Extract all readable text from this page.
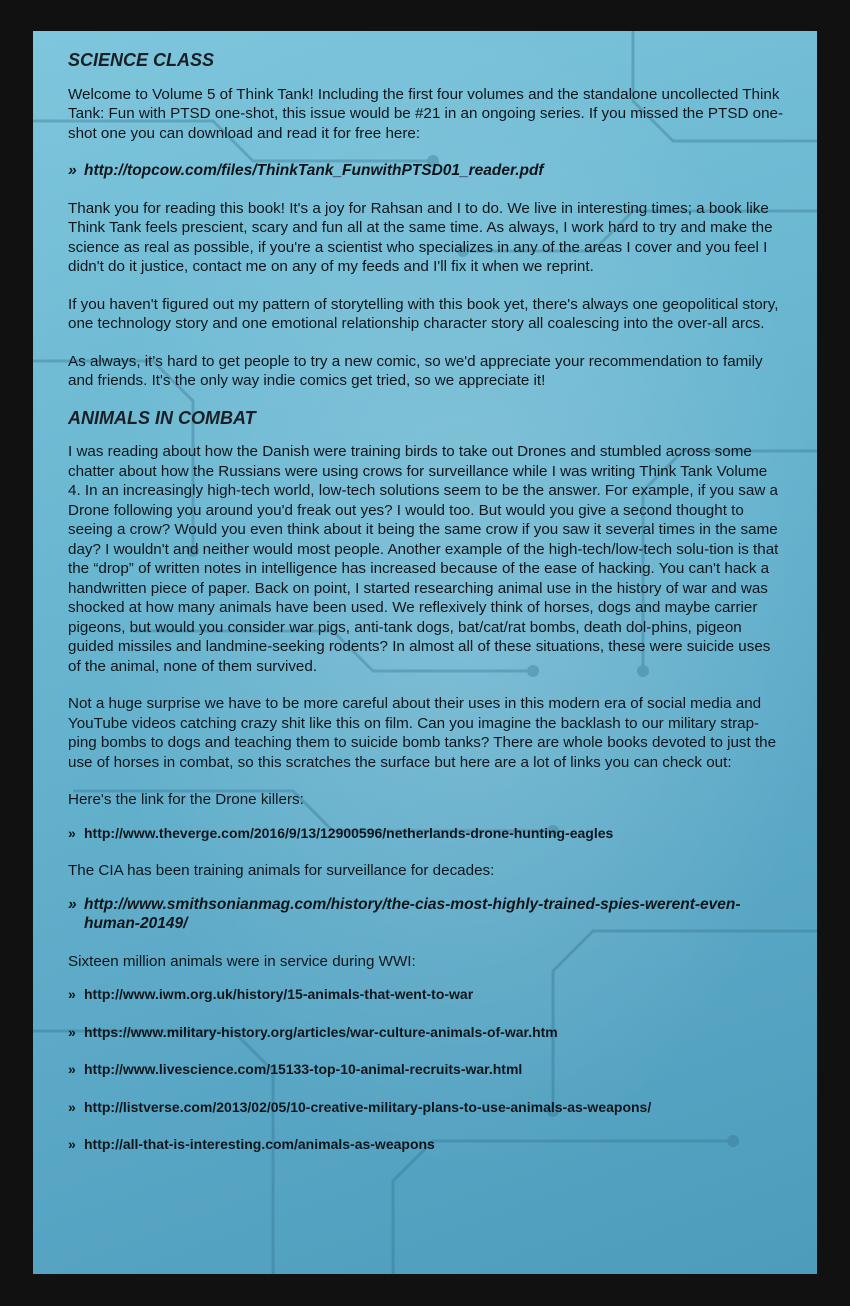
SCIENCE CLASS

Welcome to Volume 5 of Think Tank! Including the first four volumes and the standalone uncollected Think Tank: Fun with PTSD one-shot, this issue would be #21 in an ongoing series. If you missed the PTSD one-shot one you can download and read it for free here:

» http://topcow.com/files/ThinkTank_FunwithPTSD01_reader.pdf

Thank you for reading this book! It's a joy for Rahsan and I to do. We live in interesting times; a book like Think Tank feels prescient, scary and fun all at the same time. As always, I work hard to try and make the science as real as possible, if you're a scientist who specializes in any of the areas I cover and you feel I didn't do it justice, contact me on any of my feeds and I'll fix it when we reprint.

If you haven't figured out my pattern of storytelling with this book yet, there's always one geopolitical story, one technology story and one emotional relationship character story all coalescing into the over-all arcs.

As always, it's hard to get people to try a new comic, so we'd appreciate your recommendation to family and friends. It's the only way indie comics get tried, so we appreciate it!

ANIMALS IN COMBAT

I was reading about how the Danish were training birds to take out Drones and stumbled across some chatter about how the Russians were using crows for surveillance while I was writing Think Tank Volume 4. In an increasingly high-tech world, low-tech solutions seem to be the answer. For example, if you saw a Drone following you around you'd freak out yes? I would too. But would you give a second thought to seeing a crow? Would you even think about it being the same crow if you saw it several times in the same day? I wouldn't and neither would most people. Another example of the high-tech/low-tech solu-tion is that the “drop” of written notes in intelligence has increased because of the ease of hacking. You can't hack a handwritten piece of paper. Back on point, I started researching animal use in the history of war and was shocked at how many animals have been used. We reflexively think of horses, dogs and maybe carrier pigeons, but would you consider war pigs, anti-tank dogs, bat/cat/rat bombs, death dol-phins, pigeon guided missiles and landmine-seeking rodents? In almost all of these situations, these were suicide uses of the animal, none of them survived.

Not a huge surprise we have to be more careful about their uses in this modern era of social media and YouTube videos catching crazy shit like this on film. Can you imagine the backlash to our military strap-ping bombs to dogs and teaching them to suicide bomb tanks? There are whole books devoted to just the use of horses in combat, so this scratches the surface but here are a lot of links you can check out:

Here's the link for the Drone killers:

» http://www.theverge.com/2016/9/13/12900596/netherlands-drone-hunting-eagles

The CIA has been training animals for surveillance for decades:

» http://www.smithsonianmag.com/history/the-cias-most-highly-trained-spies-werent-even-human-20149/

Sixteen million animals were in service during WWI:

» http://www.iwm.org.uk/history/15-animals-that-went-to-war
» https://www.military-history.org/articles/war-culture-animals-of-war.htm
» http://www.livescience.com/15133-top-10-animal-recruits-war.html
» http://listverse.com/2013/02/05/10-creative-military-plans-to-use-animals-as-weapons/
» http://all-that-is-interesting.com/animals-as-weapons
